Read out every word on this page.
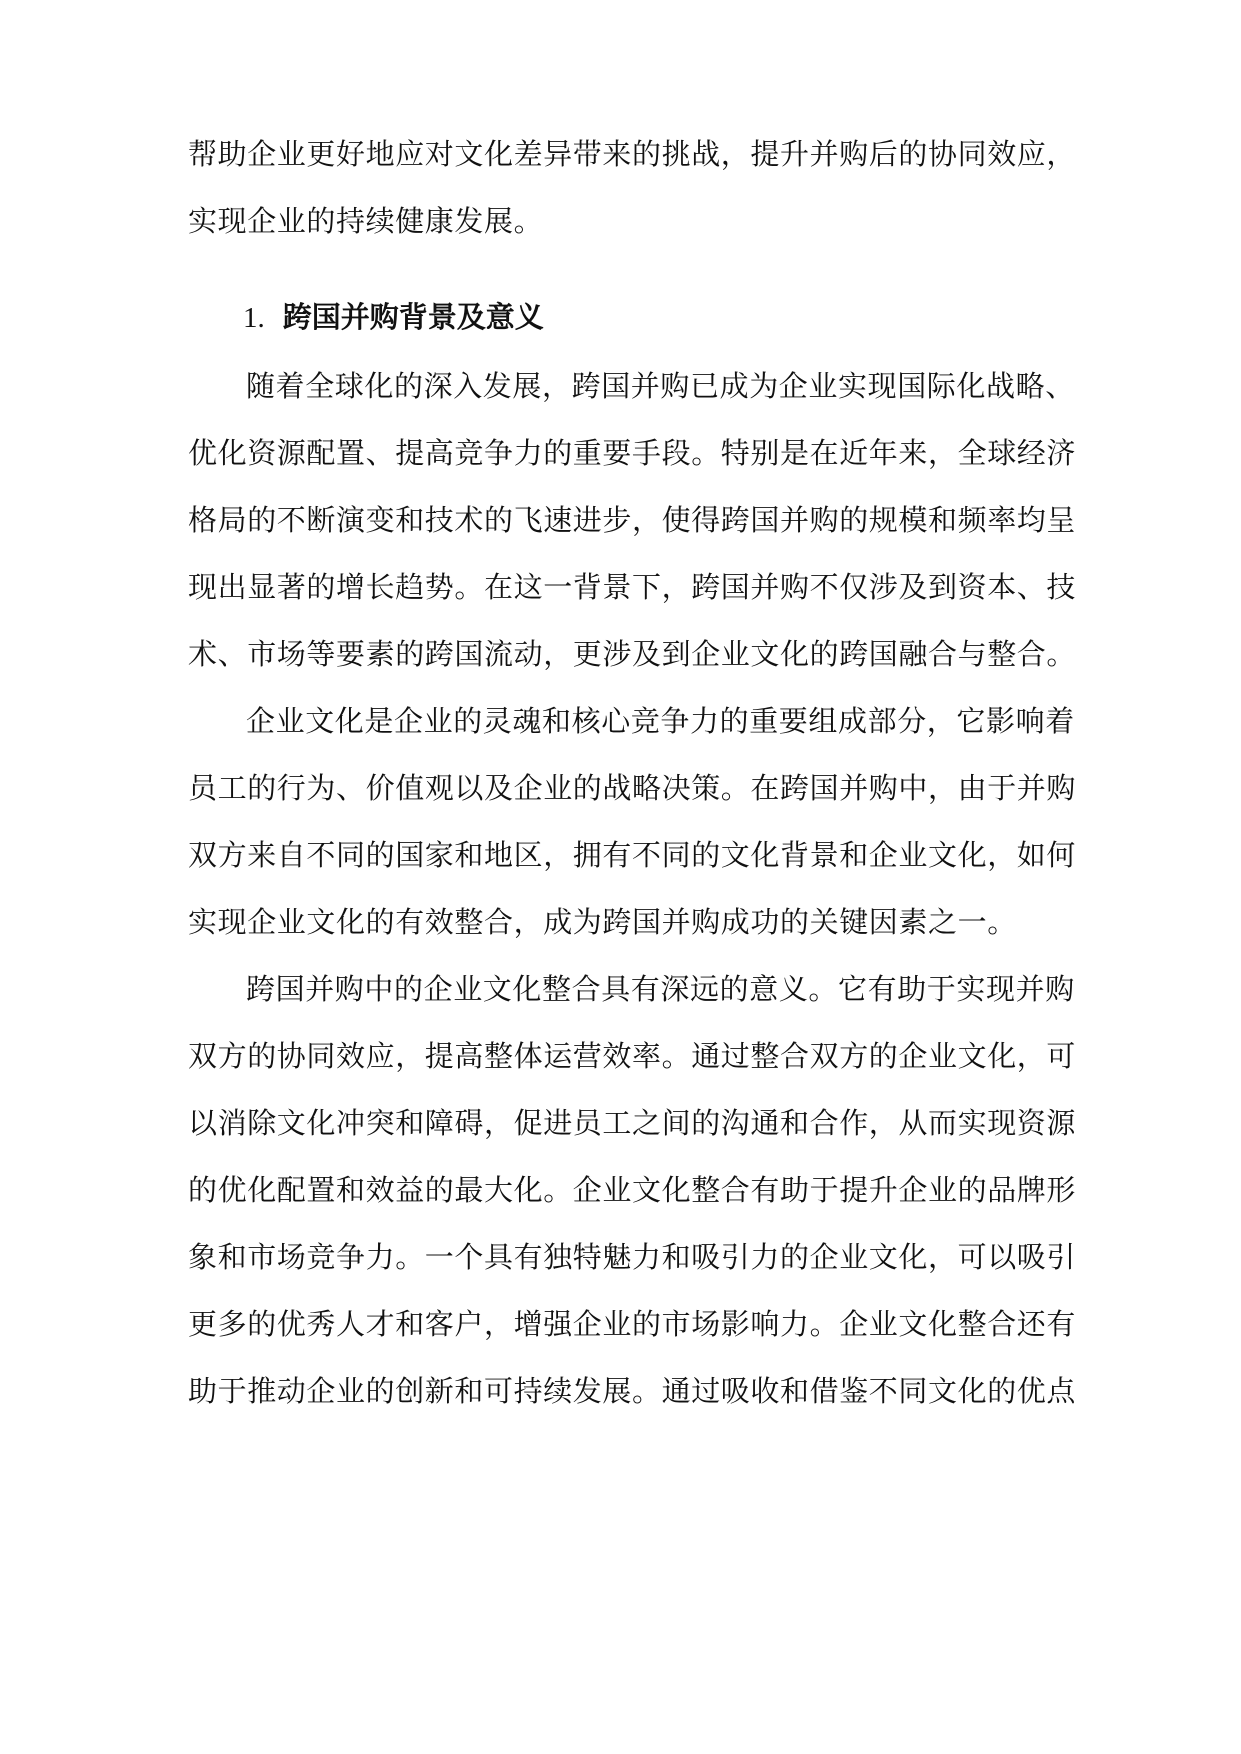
帮助企业更好地应对文化差异带来的挑战，提升并购后的协同效应，

实现企业的持续健康发展。

1. 跨国并购背景及意义

随着全球化的深入发展，跨国并购已成为企业实现国际化战略、

优化资源配置、提高竞争力的重要手段。特别是在近年来，全球经济

格局的不断演变和技术的飞速进步，使得跨国并购的规模和频率均呈

现出显著的增长趋势。在这一背景下，跨国并购不仅涉及到资本、技

术、市场等要素的跨国流动，更涉及到企业文化的跨国融合与整合。

企业文化是企业的灵魂和核心竞争力的重要组成部分，它影响着

员工的行为、价值观以及企业的战略决策。在跨国并购中，由于并购

双方来自不同的国家和地区，拥有不同的文化背景和企业文化，如何

实现企业文化的有效整合，成为跨国并购成功的关键因素之一。

跨国并购中的企业文化整合具有深远的意义。它有助于实现并购

双方的协同效应，提高整体运营效率。通过整合双方的企业文化，可

以消除文化冲突和障碍，促进员工之间的沟通和合作，从而实现资源

的优化配置和效益的最大化。企业文化整合有助于提升企业的品牌形

象和市场竞争力。一个具有独特魅力和吸引力的企业文化，可以吸引

更多的优秀人才和客户，增强企业的市场影响力。企业文化整合还有

助于推动企业的创新和可持续发展。通过吸收和借鉴不同文化的优点
